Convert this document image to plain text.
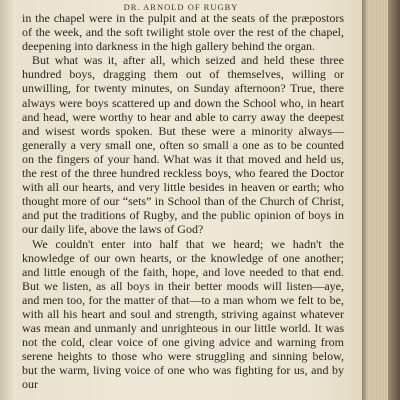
DR. ARNOLD OF RUGBY

in the chapel were in the pulpit and at the seats of the præpostors of the week, and the soft twilight stole over the rest of the chapel, deepening into darkness in the high gallery behind the organ.

But what was it, after all, which seized and held these three hundred boys, dragging them out of themselves, willing or unwilling, for twenty minutes, on Sunday afternoon? True, there always were boys scattered up and down the School who, in heart and head, were worthy to hear and able to carry away the deepest and wisest words spoken. But these were a minority always—generally a very small one, often so small a one as to be counted on the fingers of your hand. What was it that moved and held us, the rest of the three hundred reckless boys, who feared the Doctor with all our hearts, and very little besides in heaven or earth; who thought more of our “sets” in School than of the Church of Christ, and put the traditions of Rugby, and the public opinion of boys in our daily life, above the laws of God?

We couldn't enter into half that we heard; we hadn't the knowledge of our own hearts, or the knowledge of one another; and little enough of the faith, hope, and love needed to that end. But we listen, as all boys in their better moods will listen—aye, and men too, for the matter of that—to a man whom we felt to be, with all his heart and soul and strength, striving against whatever was mean and unmanly and unrighteous in our little world. It was not the cold, clear voice of one giving advice and warning from serene heights to those who were struggling and sinning below, but the warm, living voice of one who was fighting for us, and by our
